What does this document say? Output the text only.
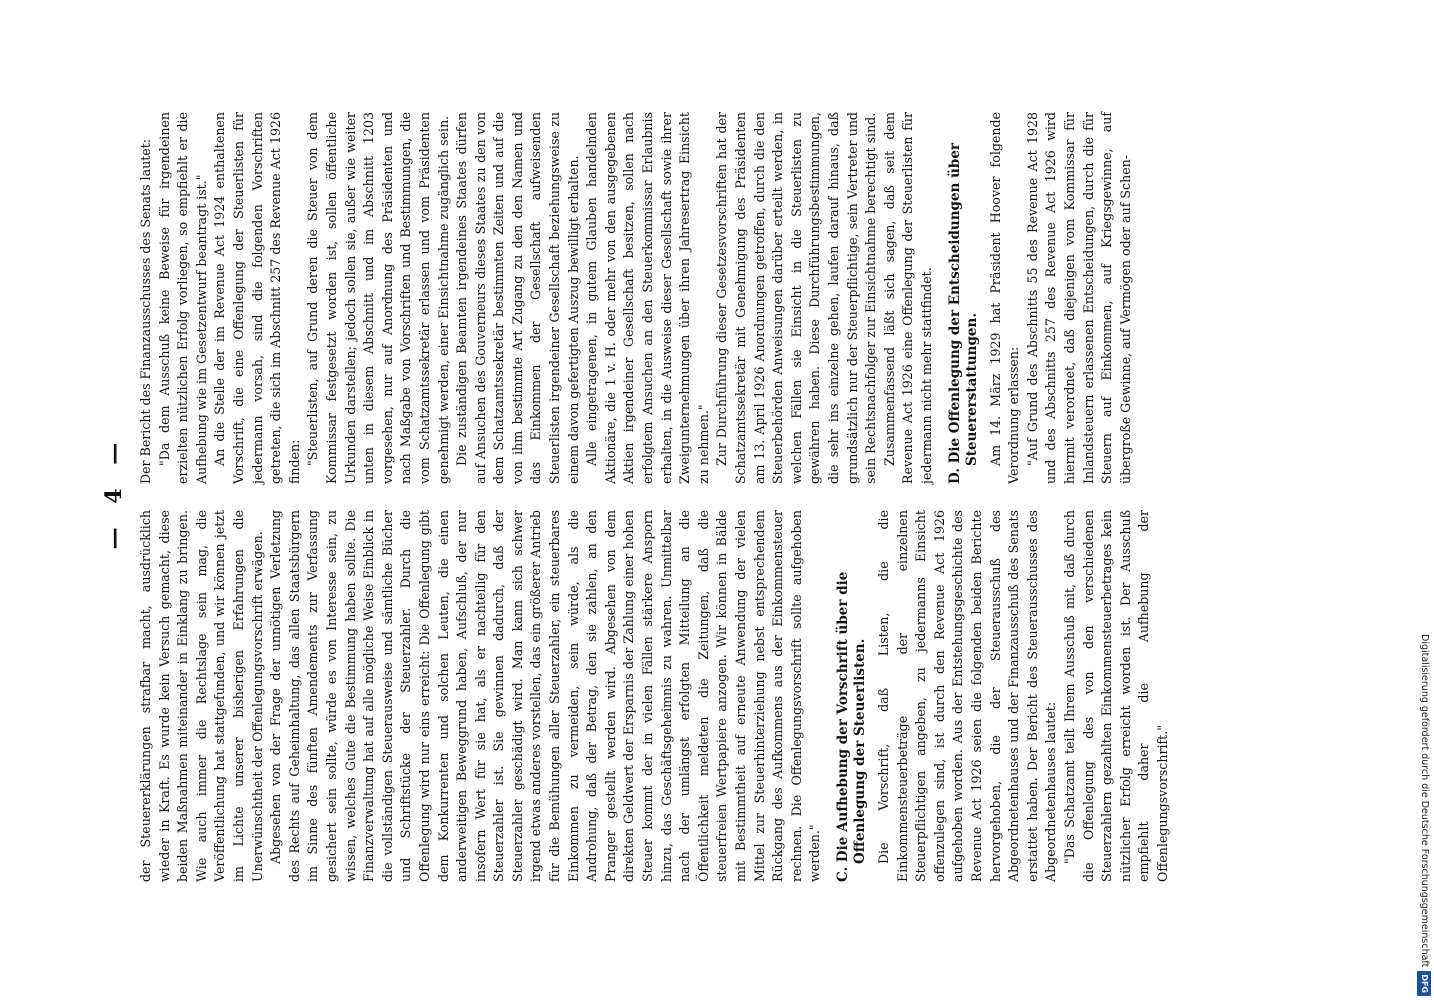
— 4 —

der Steuererklärungen strafbar macht, ausdrücklich wieder in Kraft. Es wurde kein Versuch gemacht, diese beiden Maßnahmen miteinander in Einklang zu bringen. Wie auch immer die Rechtslage sein mag, die Veröffentlichung hat stattgefunden, und wir können jetzt im Lichte unserer bisherigen Erfahrungen die Unerwünschtheit der Offenlegungsvorschrift erwägen. Abgesehen von der Frage der unnötigen Verletzung des Rechts auf Geheimhaltung, das allen Staatsbürgern im Sinne des fünften Amendements zur Verfassung gesichert sein sollte, würde es von Interesse sein, zu wissen, welches Gute die Bestimmung haben sollte. Die Finanzverwaltung hat auf alle mögliche Weise Einblick in die vollständigen Steuerausweise und sämtliche Bücher und Schriftstücke der Steuerzahler. Durch die Offenlegung wird nur eins erreicht: Die Offenlegung gibt dem Konkurrenten und solchen Leuten, die einen anderweitigen Beweggrund haben, Aufschluß, der nur insofern Wert für sie hat, als er nachteilig für den Steuerzahler ist. Sie gewinnen dadurch, daß der Steuerzahler geschädigt wird. Man kann sich schwer irgend etwas anderes vorstellen, das ein größerer Antrieb für die Bemühungen aller Steuerzahler, ein steuerbares Einkommen zu vermeiden, sein würde, als die Androhung, daß der Betrag, den sie zahlen, an den Pranger gestellt werden wird. Abgesehen von dem direkten Geldwert der Ersparnis der Zahlung einer hohen Steuer kommt der in vielen Fällen stärkere Ansporn hinzu, das Geschäftsgeheimnis zu wahren. Unmittelbar nach der umlängst erfolgten Mitteilung an die Öffentlichkeit meldeten die Zeitungen, daß die steuerfreien Wertpapiere anzogen. Wir können in Bälde mit Bestimmtheit auf erneute Anwendung der vielen Mittel zur Steuerhinterziehung nebst entsprechendem Rückgang des Aufkommens aus der Einkommensteuer rechnen. Die Offenlegungsvorschrift sollte aufgehoben werden." C. Die Aufhebung der Vorschrift über die Offenlegung der Steuerlisten. Die Vorschrift, daß Listen, die die Einkommensteuerbeträge der einzelnen Steuerpflichtigen angeben, zu jedermanns Einsicht offenzulegen sind, ist durch den Revenue Act 1926 aufgehoben worden. Aus der Entstehungsgeschichte des Revenue Act 1926 seien die folgenden beiden Berichte hervorgehoben, die der Steuerausschuß des Abgeordnetenhauses und der Finanzausschuß des Senats erstattet haben. Der Bericht des Steuerausschusses des Abgeordnetenhauses lautet: "Das Schatzamt teilt Ihrem Ausschuß mit, daß durch die Offenlegung des von den verschiedenen Steuerzahlern gezahlten Einkommensteuerbetrages kein nützlicher Erfolg erreicht worden ist. Der Ausschuß empfiehlt daher die Aufhebung der Offenlegungsvorschrift."

Der Bericht des Finanzausschusses des Senats lautet: "Da dem Ausschuß keine Beweise für irgendeinen erzielten nützlichen Erfolg vorliegen, so empfiehlt er die Aufhebung wie im Gesetzentwurf beantragt ist." An die Stelle der im Revenue Act 1924 enthaltenen Vorschrift, die eine Offenlegung der Steuerlisten für jedermann vorsah, sind die folgenden Vorschriften getreten, die sich im Abschnitt 257 des Revenue Act 1926 finden: "Steuerlisten, auf Grund deren die Steuer von dem Kommissar festgesetzt worden ist, sollen öffentliche Urkunden darstellen; jedoch sollen sie, außer wie weiter unten in diesem Abschnitt und im Abschnitt 1203 vorgesehen, nur auf Anordnung des Präsidenten und nach Maßgabe von Vorschriften und Bestimmungen, die vom Schatzamtssekretär erlassen und vom Präsidenten genehmigt werden, einer Einsichtnahme zugänglich sein. Die zuständigen Beamten irgendeines Staates dürfen auf Ansuchen des Gouverneurs dieses Staates zu den von dem Schatzamtssekretär bestimmten Zeiten und auf die von ihm bestimmte Art Zugang zu den den Namen und das Einkommen der Gesellschaft aufweisenden Steuerlisten irgendeiner Gesellschaft beziehungsweise zu einem davon gefertigten Auszug bewilligt erhalten. Alle eingetragenen, in gutem Glauben handelnden Aktionäre, die 1 v. H. oder mehr von den ausgegebenen Aktien irgendeiner Gesellschaft besitzen, sollen nach erfolgtem Ansuchen an den Steuerkommissar Erlaubnis erhalten, in die Ausweise dieser Gesellschaft sowie ihrer Zweigunternehmungen über ihren Jahresertrag Einsicht zu nehmen." Zur Durchführung dieser Gesetzesvorschriften hat der Schatzamtssekretär mit Genehmigung des Präsidenten am 13. April 1926 Anordnungen getroffen, durch die den Steuerbehörden Anweisungen darüber erteilt werden, in welchen Fällen sie Einsicht in die Steuerlisten zu gewähren haben. Diese Durchführungsbestimmungen, die sehr ins einzelne gehen, laufen darauf hinaus, daß grundsätzlich nur der Steuerpflichtige, sein Vertreter und sein Rechtsnachfolger zur Einsichtnahme berechtigt sind. Zusammenfassend läßt sich sagen, daß seit dem Revenue Act 1926 eine Offenlegung der Steuerlisten für jedermann nicht mehr stattfindet. D. Die Offenlegung der Entscheidungen über Steuererstattungen. Am 14. März 1929 hat Präsident Hoover folgende Verordnung erlassen: "Auf Grund des Abschnitts 55 des Revenue Act 1928 und des Abschnitts 257 des Revenue Act 1926 wird hiermit verordnet, daß diejenigen vom Kommissar für Inlandsteuern erlassenen Entscheidungen, durch die für Steuern auf Einkommen, auf Kriegsgewinne, auf übergroße Gewinne, auf Vermögen oder auf Schen-

Digitalisierung gefördert durch die Deutsche Forschungsgemeinschaft
DFG
